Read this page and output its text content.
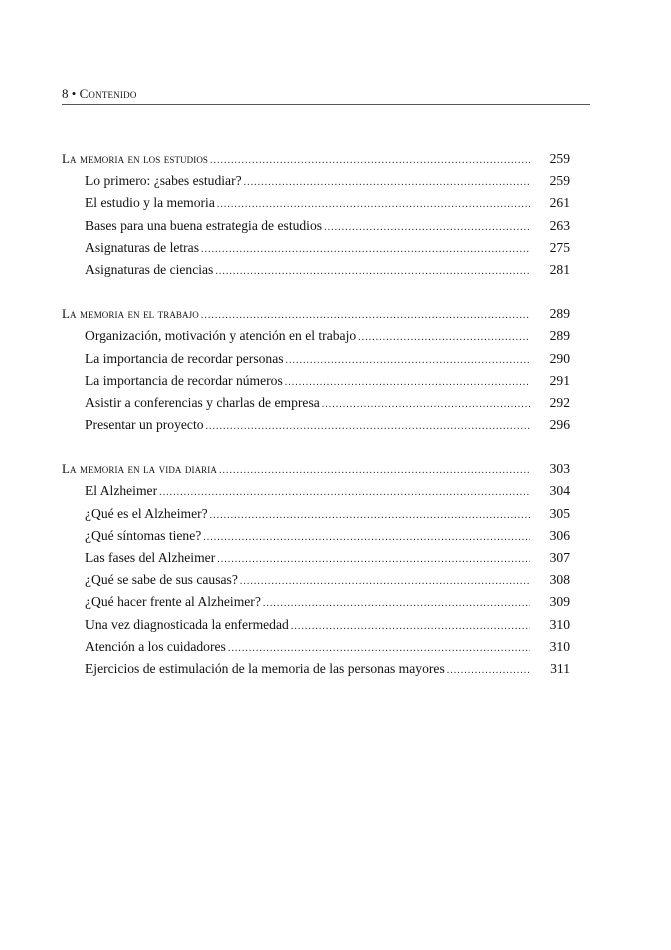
8 • Contenido
La memoria en los estudios .....	259
Lo primero: ¿sabes estudiar? .....	259
El estudio y la memoria .....	261
Bases para una buena estrategia de estudios .....	263
Asignaturas de letras .....	275
Asignaturas de ciencias .....	281
La memoria en el trabajo .....	289
Organización, motivación y atención en el trabajo .....	289
La importancia de recordar personas .....	290
La importancia de recordar números .....	291
Asistir a conferencias y charlas de empresa .....	292
Presentar un proyecto .....	296
La memoria en la vida diaria .....	303
El Alzheimer .....	304
¿Qué es el Alzheimer? .....	305
¿Qué síntomas tiene? .....	306
Las fases del Alzheimer .....	307
¿Qué se sabe de sus causas? .....	308
¿Qué hacer frente al Alzheimer? .....	309
Una vez diagnosticada la enfermedad .....	310
Atención a los cuidadores .....	310
Ejercicios de estimulación de la memoria de las personas mayores .....	311
